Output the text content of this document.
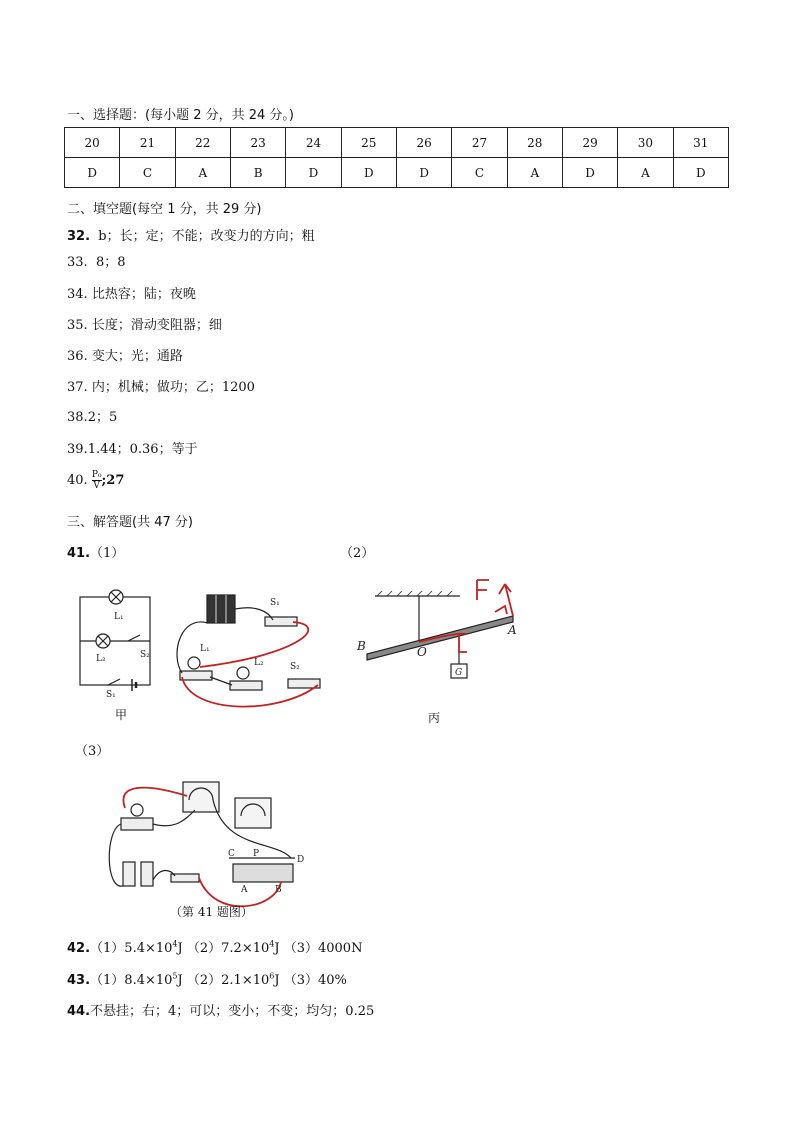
一、选择题：(每小题 2 分，共 24 分。)
20	21	22	23	24	25	26	27	28	29	30	31
D	C	A	B	D	D	D	C	A	D	A	D
二、填空题(每空 1 分，共 29 分)
32. b；长；定；不能；改变力的方向；粗
33. 8；8
34. 比热容；陆；夜晚
35. 长度；滑动变阻器；细
36. 变大；光；通路
37. 内；机械；做功；乙；1200
38.2；5
39.1.44；0.36；等于
40. $\frac{\text{P₀}}{V}$ ;27
三、解答题(共 47 分)
41.（1）	（2）
L₁
L₂	S₂
S₁
S₁
L₁
L₂	S₂
甲
B	O
A
G
丙
（3）
C P
D
A	B
（第 41 题图）
$42.(1)5.4\times 10^4J$ $(2)7.2\times 10^4J$ （3）4000N
$43.(1)8.4\times 10^5J$ $(2)2.1\times 10^6J$ （3）40%
44.不悬挂；右；4；可以；变小；不变；均匀；0.25
